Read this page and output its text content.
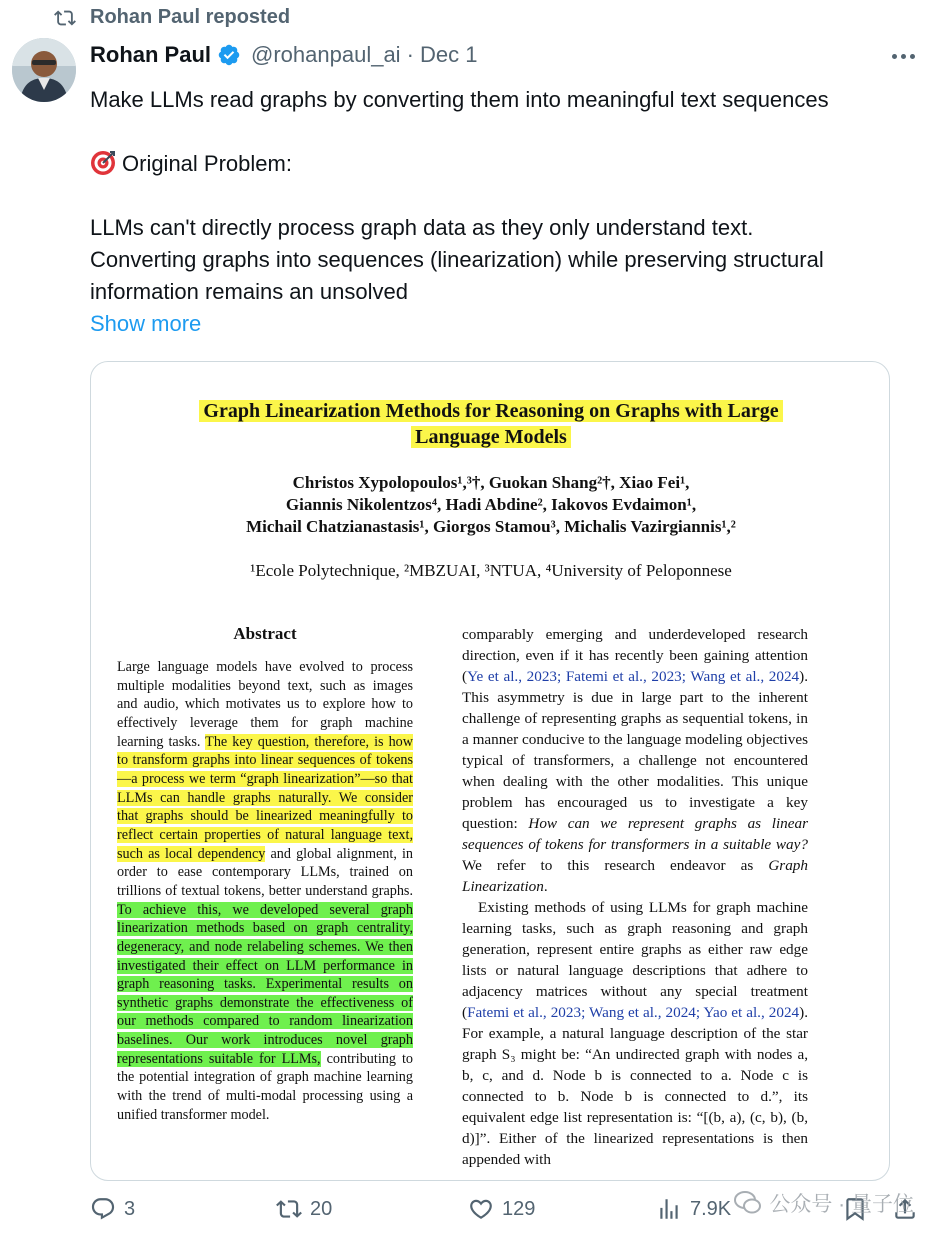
Rohan Paul reposted
Rohan Paul @rohanpaul_ai · Dec 1

Make LLMs read graphs by converting them into meaningful text sequences

Original Problem:

LLMs can't directly process graph data as they only understand text.

Converting graphs into sequences (linearization) while preserving structural

information remains an unsolved

Show more

Graph Linearization Methods for Reasoning on Graphs with Large
Language Models
Christos Xypolopoulos¹,³†, Guokan Shang²†, Xiao Fei¹,
Giannis Nikolentzos⁴, Hadi Abdine², Iakovos Evdaimon¹,
Michail Chatzianastasis¹, Giorgos Stamou³, Michalis Vazirgiannis¹,²
¹Ecole Polytechnique, ²MBZUAI, ³NTUA, ⁴University of Peloponnese
Abstract
Large language models have evolved to process multiple modalities beyond text, such as images and audio, which motivates us to explore how to effectively leverage them for graph machine learning tasks. The key question, therefore, is how to transform graphs into linear sequences of tokens—a process we term “graph linearization”—so that LLMs can handle graphs naturally. We consider that graphs should be linearized meaningfully to reflect certain properties of natural language text, such as local dependency and global alignment, in order to ease contemporary LLMs, trained on trillions of textual tokens, better understand graphs. To achieve this, we developed several graph linearization methods based on graph centrality, degeneracy, and node relabeling schemes. We then investigated their effect on LLM performance in graph reasoning tasks. Experimental results on synthetic graphs demonstrate the effectiveness of our methods compared to random linearization baselines. Our work introduces novel graph representations suitable for LLMs, contributing to the potential integration of graph machine learning with the trend of multi-modal processing using a unified transformer model.

comparably emerging and underdeveloped research direction, even if it has recently been gaining attention (Ye et al., 2023; Fatemi et al., 2023; Wang et al., 2024). This asymmetry is due in large part to the inherent challenge of representing graphs as sequential tokens, in a manner conducive to the language modeling objectives typical of transformers, a challenge not encountered when dealing with the other modalities. This unique problem has encouraged us to investigate a key question: How can we represent graphs as linear sequences of tokens for transformers in a suitable way? We refer to this research endeavor as Graph Linearization.

Existing methods of using LLMs for graph machine learning tasks, such as graph reasoning and graph generation, represent entire graphs as either raw edge lists or natural language descriptions that adhere to adjacency matrices without any special treatment (Fatemi et al., 2023; Wang et al., 2024; Yao et al., 2024). For example, a natural language description of the star graph S₃ might be: “An undirected graph with nodes a, b, c, and d. Node b is connected to a. Node c is connected to b. Node b is connected to d.”, its equivalent edge list representation is: “[(b, a), (c, b), (b, d)]”. Either of the linearized representations is then appended with

3	20	129	7.9K 公众号 · 量子位
